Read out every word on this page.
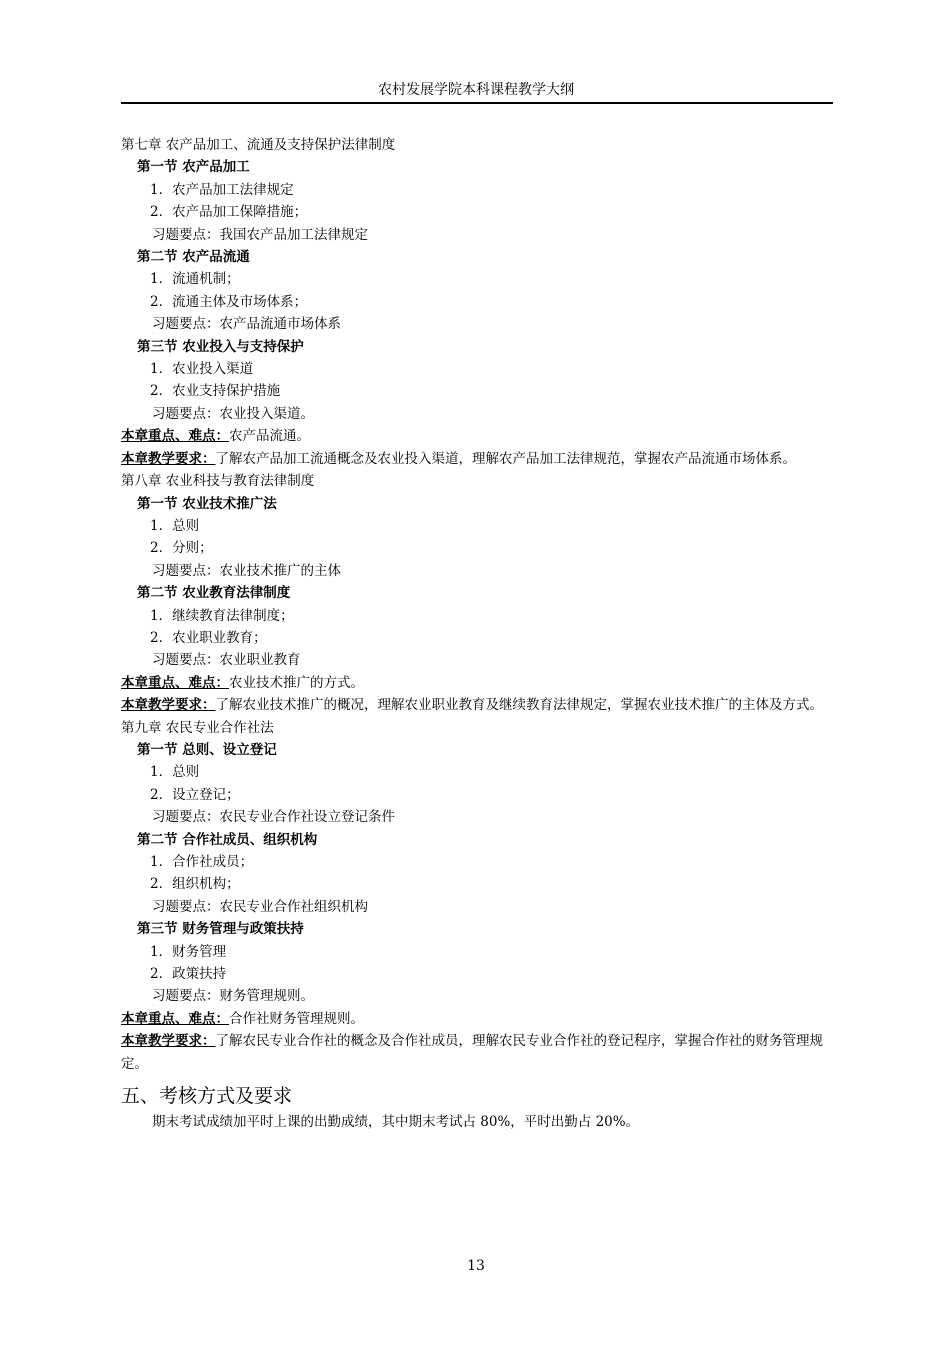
农村发展学院本科课程教学大纲
第七章 农产品加工、流通及支持保护法律制度
第一节 农产品加工
1．农产品加工法律规定
2．农产品加工保障措施；
习题要点：我国农产品加工法律规定
第二节 农产品流通
1．流通机制；
2．流通主体及市场体系；
习题要点：农产品流通市场体系
第三节 农业投入与支持保护
1．农业投入渠道
2．农业支持保护措施
习题要点：农业投入渠道。
本章重点、难点：农产品流通。
本章教学要求：了解农产品加工流通概念及农业投入渠道，理解农产品加工法律规范，掌握农产品流通市场体系。
第八章 农业科技与教育法律制度
第一节 农业技术推广法
1．总则
2．分则；
习题要点：农业技术推广的主体
第二节 农业教育法律制度
1．继续教育法律制度；
2．农业职业教育；
习题要点：农业职业教育
本章重点、难点：农业技术推广的方式。
本章教学要求：了解农业技术推广的概况，理解农业职业教育及继续教育法律规定，掌握农业技术推广的主体及方式。
第九章 农民专业合作社法
第一节 总则、设立登记
1．总则
2．设立登记；
习题要点：农民专业合作社设立登记条件
第二节 合作社成员、组织机构
1．合作社成员；
2．组织机构；
习题要点：农民专业合作社组织机构
第三节 财务管理与政策扶持
1．财务管理
2．政策扶持
习题要点：财务管理规则。
本章重点、难点：合作社财务管理规则。
本章教学要求：了解农民专业合作社的概念及合作社成员，理解农民专业合作社的登记程序，掌握合作社的财务管理规定。
五、考核方式及要求
期末考试成绩加平时上课的出勤成绩，其中期末考试占 80%，平时出勤占 20%。
13
